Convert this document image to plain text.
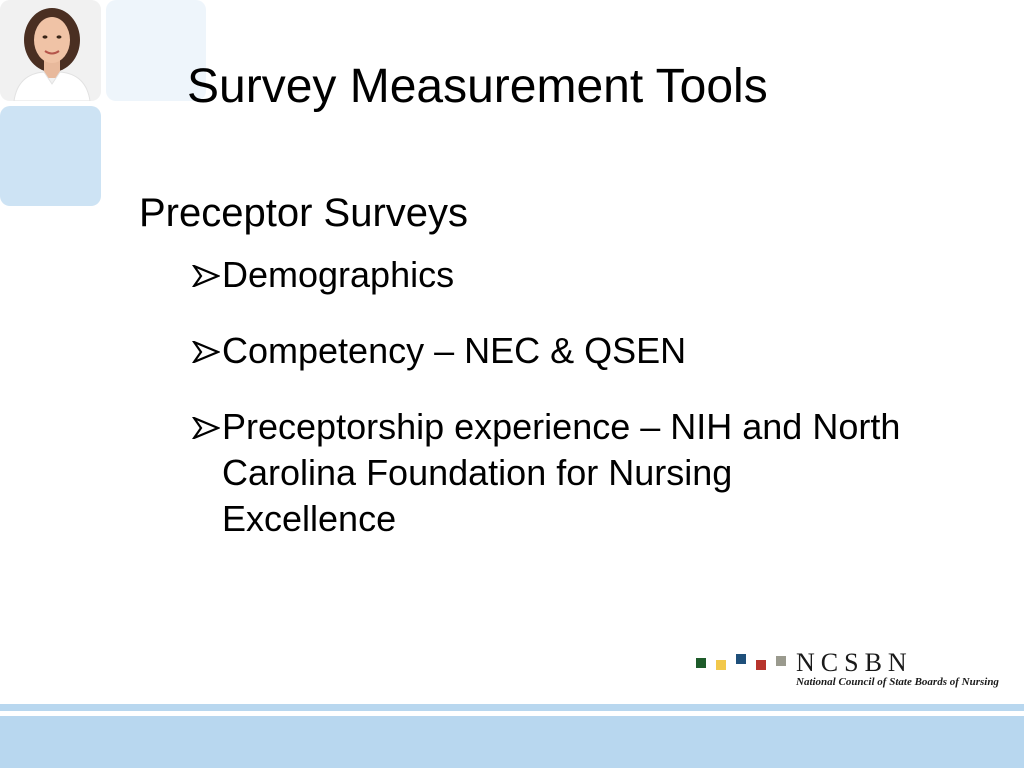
Survey Measurement Tools
Preceptor Surveys
Demographics
Competency – NEC & QSEN
Preceptorship experience – NIH and North Carolina Foundation for Nursing Excellence
NCSBN
National Council of State Boards of Nursing
